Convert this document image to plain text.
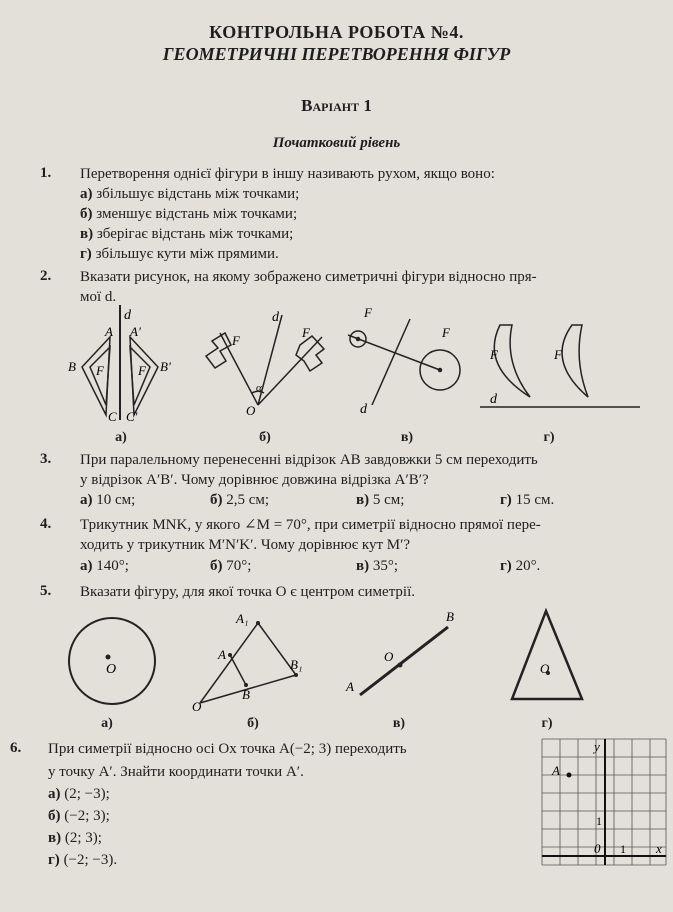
КОНТРОЛЬНА РОБОТА №4.
ГЕОМЕТРИЧНІ ПЕРЕТВОРЕННЯ ФІГУР
Варіант 1
Початковий рівень
1. Перетворення однієї фігури в іншу називають рухом, якщо воно:
а) збільшує відстань між точками;
б) зменшує відстань між точками;
в) зберігає відстань між точками;
г) збільшує кути між прямими.
2. Вказати рисунок, на якому зображено симетричні фігури відносно пря-
мої d.
d
A A'
B	B'
F	F
C C'
d
F
F
O
α
F
F
d
F	F
d
а)	б)	в)	г)
3. При паралельному перенесенні відрізок AB завдовжки 5 см переходить
у відрізок A′B′. Чому дорівнює довжина відрізка A′B′?
а) 10 см;	б) 2,5 см;	в) 5 см;	г) 15 см.
4. Трикутник MNK, у якого ∠M = 70°, при симетрії відносно прямої пере-
ходить у трикутник M′N′K′. Чому дорівнює кут M′?
а) 140°;	б) 70°;	в) 35°;	г) 20°.
5. Вказати фігуру, для якої точка O є центром симетрії.
O
A₁
A
B
B₁
O
B
O
A
O
а)	б)	в)	г)
6. При симетрії відносно осі Ox точка A(−2; 3) переходить
у точку A′. Знайти координати точки A′.
а) (2; −3);
б) (−2; 3);
в) (2; 3);
г) (−2; −3).
y
x
A
1
0 1
